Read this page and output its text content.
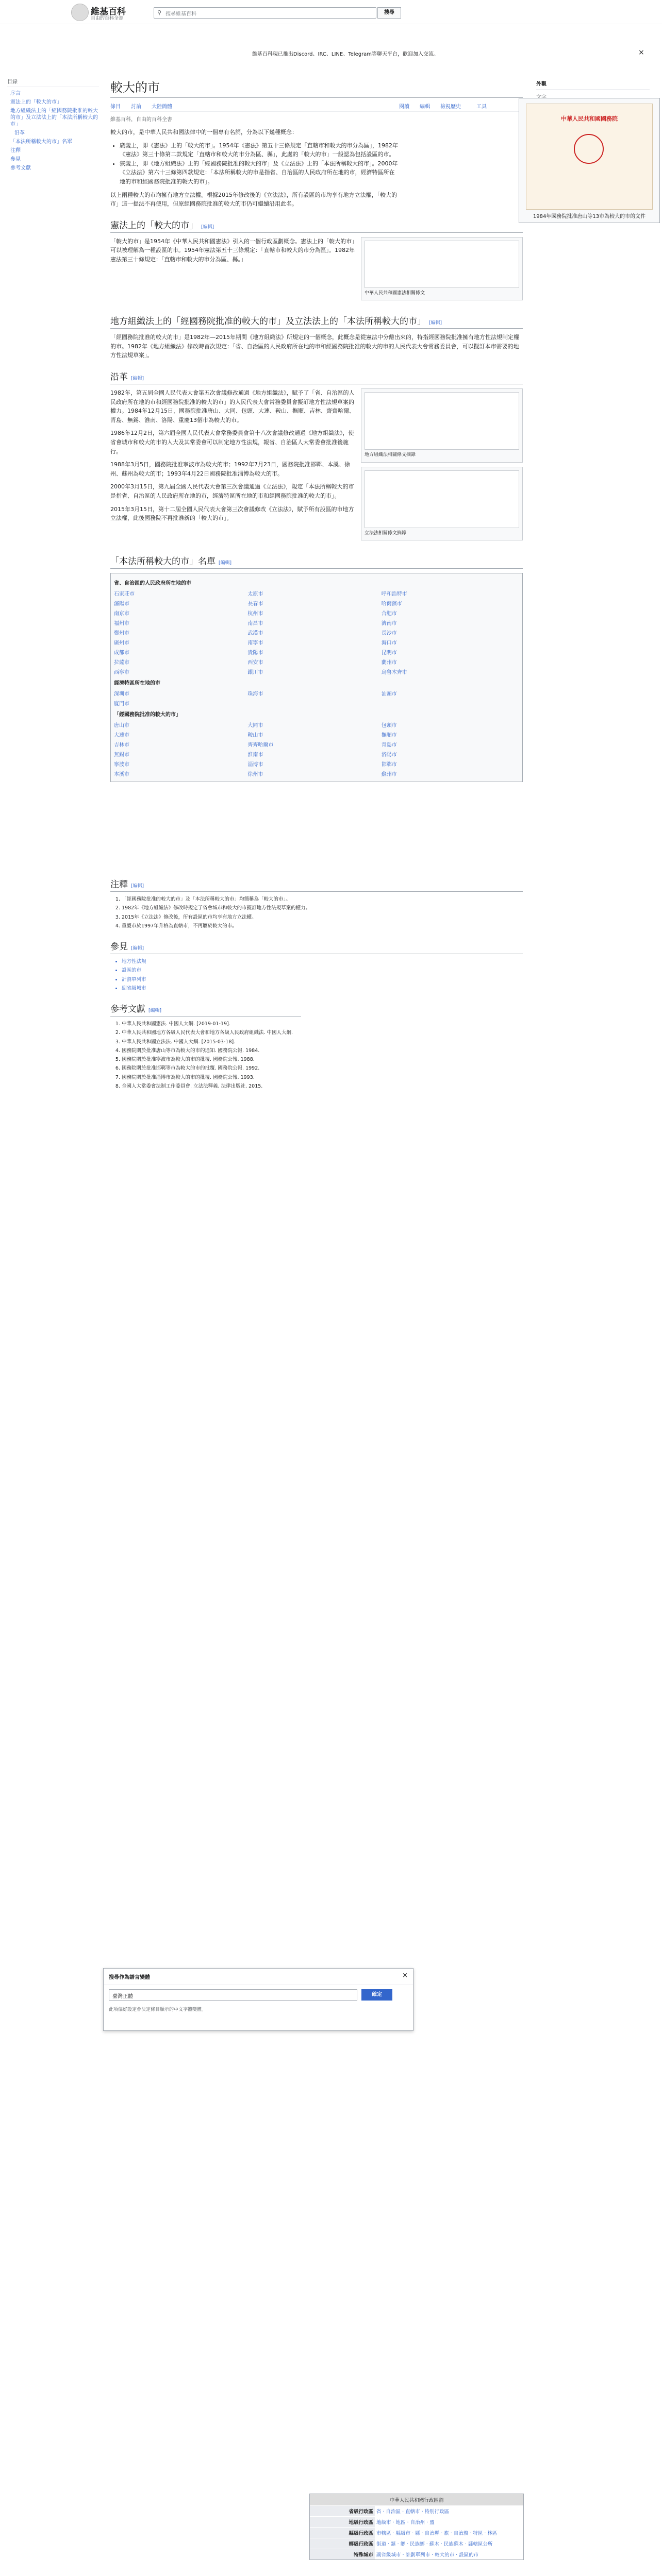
維基百科
自由的百科全書
⚲ 搜尋維基百科	搜尋
維基百科現已推出Discord、IRC、LINE、Telegram等聊天平台，歡迎加入交流。	×
目錄
序言
憲法上的「較大的市」
地方組織法上的「經國務院批准的較大的市」及立法法上的「本法所稱較大的市」
沿革
「本法所稱較大的市」名單
注釋
參見
參考文獻
外觀
較大的市
條目 討論 大陸簡體	閱讀 編輯 檢視歷史	工具
維基百科，自由的百科全書

較大的市，是中華人民共和國法律中的一個專有名詞，分為以下幾種概念：

• 廣義上，即《憲法》上的「較大的市」。1954年《憲法》第五十三條規定「直轄市和較大的市分為區」，1982年《憲法》第三十條第二款規定「直轄市和較大的市分為區、縣」，此處的「較大的市」一般認為包括設區的市。
• 狹義上，即《地方組織法》上的「經國務院批准的較大的市」及《立法法》上的「本法所稱較大的市」。2000年《立法法》第六十三條第四款規定：「本法所稱較大的市是指省、自治區的人民政府所在地的市，經濟特區所在地的市和經國務院批准的較大的市」。

以上兩種較大的市均擁有地方立法權。根據2015年修改後的《立法法》，所有設區的市均享有地方立法權，「較大的市」這一提法不再使用，但原經國務院批准的較大的市仍可繼續沿用此名。

憲法上的「較大的市」 [編輯]
中華人民共和國憲法相關條文

「較大的市」是1954年《中華人民共和國憲法》引入的一個行政區劃概念。憲法上的「較大的市」可以被理解為一種設區的市。1954年憲法第五十三條規定：「直轄市和較大的市分為區」。1982年憲法第三十條規定：「直轄市和較大的市分為區、縣。」

地方組織法上的「經國務院批准的較大的市」及立法法上的「本法所稱較大的市」 [編輯]

「經國務院批准的較大的市」是1982年—2015年期間《地方組織法》所規定的一個概念，此概念是從憲法中分離出來的，特指經國務院批准擁有地方性法規制定權的市。1982年《地方組織法》修改時首次規定：「省、自治區的人民政府所在地的市和經國務院批准的較大的市的人民代表大會常務委員會，可以擬訂本市需要的地方性法規草案」。

沿革 [編輯]
地方組織法相關條文摘錄

1982年，第五屆全國人民代表大會第五次會議修改通過《地方組織法》，賦予了「省、自治區的人民政府所在地的市和經國務院批准的較大的市」的人民代表大會常務委員會擬訂地方性法規草案的權力。1984年12月15日，國務院批准唐山、大同、包頭、大連、鞍山、撫順、吉林、齊齊哈爾、青島、無錫、淮南、洛陽、重慶13個市為較大的市。

1986年12月2日，第六屆全國人民代表大會常務委員會第十八次會議修改通過《地方組織法》，使省會城市和較大的市的人大及其常委會可以制定地方性法規，報省、自治區人大常委會批准後施行。

立法法相關條文摘錄

1988年3月5日，國務院批准寧波市為較大的市；1992年7月23日，國務院批准邯鄲、本溪、徐州、蘇州為較大的市；1993年4月22日國務院批准淄博為較大的市。

2000年3月15日，第九屆全國人民代表大會第三次會議通過《立法法》，規定「本法所稱較大的市是指省、自治區的人民政府所在地的市，經濟特區所在地的市和經國務院批准的較大的市」。

2015年3月15日，第十二屆全國人民代表大會第三次會議修改《立法法》，賦予所有設區的市地方立法權，此後國務院不再批准新的「較大的市」。

「本法所稱較大的市」名單 [編輯]
省、自治區的人民政府所在地的市
石家莊市	太原市	呼和浩特市
瀋陽市	長春市	哈爾濱市
南京市	杭州市	合肥市
福州市	南昌市	濟南市
鄭州市	武漢市	長沙市
廣州市	南寧市	海口市
成都市	貴陽市	昆明市
拉薩市	西安市	蘭州市
西寧市	銀川市	烏魯木齊市
經濟特區所在地的市
深圳市	珠海市	汕頭市
廈門市
「經國務院批准的較大的市」
唐山市	大同市	包頭市
大連市	鞍山市	撫順市
吉林市	齊齊哈爾市	青島市
無錫市	淮南市	洛陽市
寧波市	淄博市	邯鄲市
本溪市	徐州市	蘇州市
注釋 [編輯]
1. 「經國務院批准的較大的市」及「本法所稱較大的市」均簡稱為「較大的市」。
2. 1982年《地方組織法》修改時規定了省會城市和較大的市擬訂地方性法規草案的權力。
3. 2015年《立法法》修改後，所有設區的市均享有地方立法權。
4. 重慶市於1997年升格為直轄市，不再屬於較大的市。
參見 [編輯]
• 地方性法規
• 設區的市
• 計劃單列市
• 副省級城市
參考文獻 [編輯]
1. 中華人民共和國憲法. 中國人大網. [2019-01-19].
2. 中華人民共和國地方各級人民代表大會和地方各級人民政府組織法. 中國人大網.
3. 中華人民共和國立法法. 中國人大網. [2015-03-18].
4. 國務院關於批准唐山等市為較大的市的通知. 國務院公報. 1984.
5. 國務院關於批准寧波市為較大的市的批覆. 國務院公報. 1988.
6. 國務院關於批准邯鄲等市為較大的市的批覆. 國務院公報. 1992.
7. 國務院關於批准淄博市為較大的市的批覆. 國務院公報. 1993.
8. 全國人大常委會法制工作委員會. 立法法釋義. 法律出版社. 2015.
中華人民共和國國務院
1984年國務院批准唐山等13市為較大的市的文件
搜尋作為語言變體	×
臺灣正體	確定
此項偏好設定會決定條目顯示的中文字體變體。
中華人民共和國行政區劃
省級行政區 省 · 自治區 · 直轄市 · 特別行政區
地級行政區 地級市 · 地區 · 自治州 · 盟
縣級行政區 市轄區 · 縣級市 · 縣 · 自治縣 · 旗 · 自治旗 · 特區 · 林區
鄉級行政區 街道 · 鎮 · 鄉 · 民族鄉 · 蘇木 · 民族蘇木 · 縣轄區公所
特殊城市 副省級城市 · 計劃單列市 · 較大的市 · 設區的市
